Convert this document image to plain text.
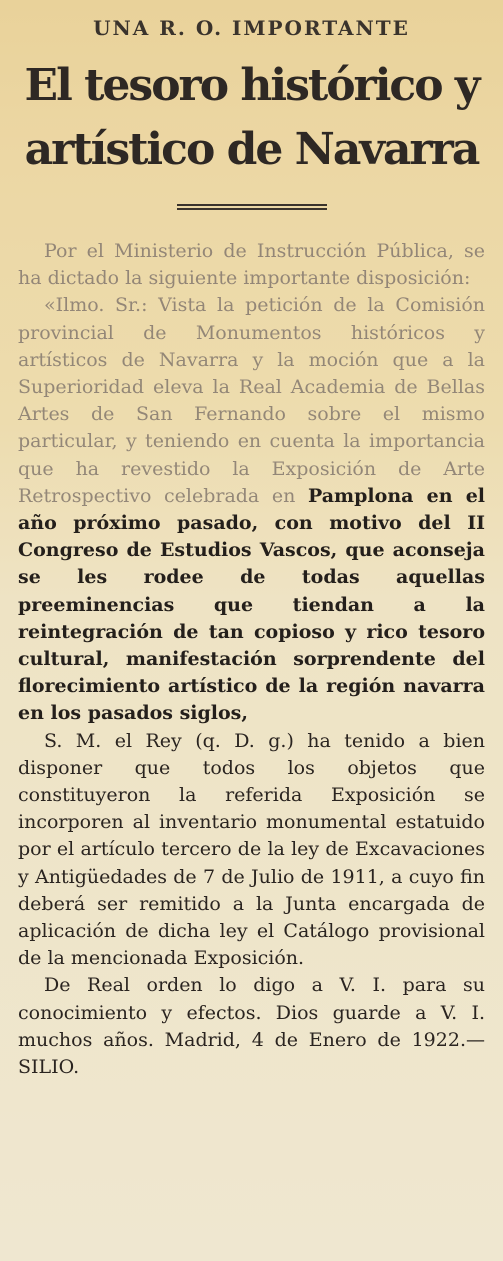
UNA R. O. IMPORTANTE
El tesoro histórico y
artístico de Navarra

Por el Ministerio de Instrucción Pública, se ha dictado la siguiente importante disposición:

«Ilmo. Sr.: Vista la petición de la Comisión provincial de Monumentos históricos y artísticos de Navarra y la moción que a la Superioridad eleva la Real Academia de Bellas Artes de San Fernando sobre el mismo particular, y teniendo en cuenta la importancia que ha revestido la Exposición de Arte Retrospectivo celebrada en Pamplona en el año próximo pasado, con motivo del II Congreso de Estudios Vascos, que aconseja se les rodee de todas aquellas preeminencias que tiendan a la reintegración de tan copioso y rico tesoro cultural, manifestación sorprendente del florecimiento artístico de la región navarra en los pasados siglos,

S. M. el Rey (q. D. g.) ha tenido a bien disponer que todos los objetos que constituyeron la referida Exposición se incorporen al inventario monumental estatuido por el artículo tercero de la ley de Excavaciones y Antigüedades de 7 de Julio de 1911, a cuyo fin deberá ser remitido a la Junta encargada de aplicación de dicha ley el Catálogo provisional de la mencionada Exposición.

De Real orden lo digo a V. I. para su conocimiento y efectos. Dios guarde a V. I. muchos años. Madrid, 4 de Enero de 1922.—SILIO.
